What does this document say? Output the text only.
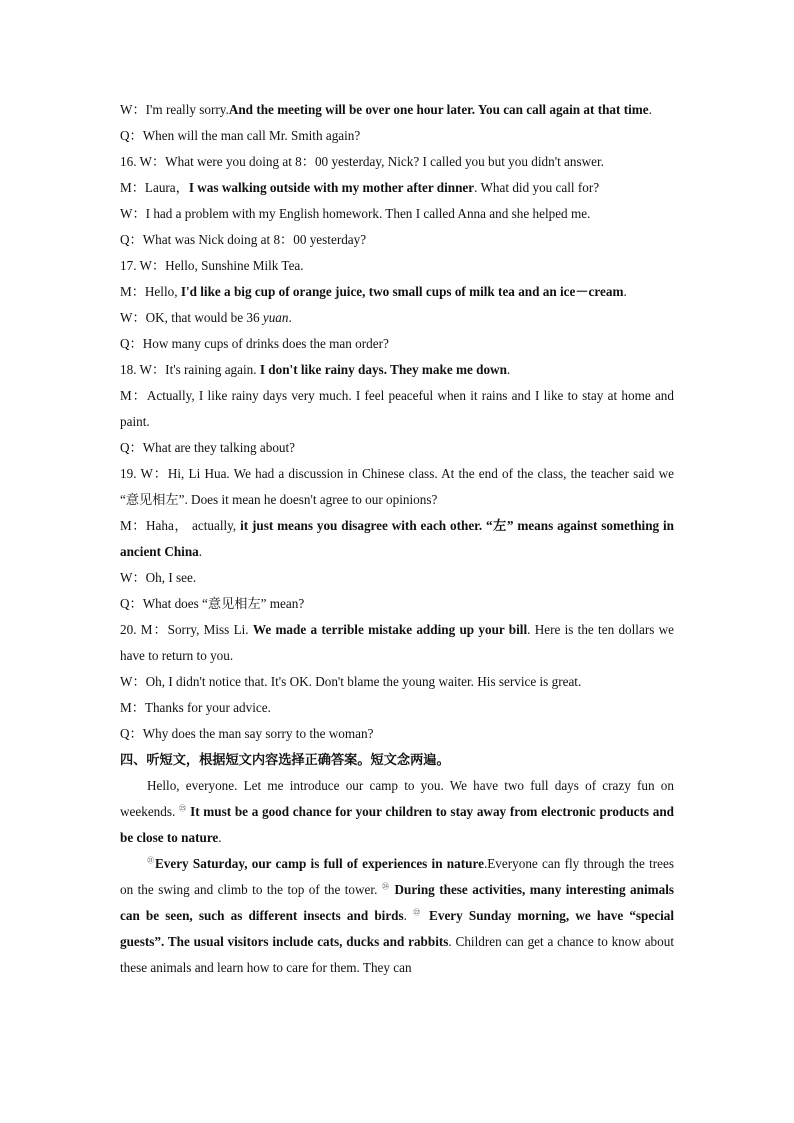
W：I'm really sorry.And the meeting will be over one hour later. You can call again at that time.

Q：When will the man call Mr. Smith again?

16. W：What were you doing at 8：00 yesterday, Nick? I called you but you didn't answer.

M：Laura，I was walking outside with my mother after dinner. What did you call for?

W：I had a problem with my English homework. Then I called Anna and she helped me.

Q：What was Nick doing at 8：00 yesterday?

17. W：Hello, Sunshine Milk Tea.

M：Hello, I'd like a big cup of orange juice, two small cups of milk tea and an ice－cream.

W：OK, that would be 36 yuan.

Q：How many cups of drinks does the man order?

18. W：It's raining again. I don't like rainy days. They make me down.

M：Actually, I like rainy days very much. I feel peaceful when it rains and I like to stay at home and paint.

Q：What are they talking about?

19. W：Hi, Li Hua. We had a discussion in Chinese class. At the end of the class, the teacher said we “意见相左”. Does it mean he doesn't agree to our opinions?

M：Haha， actually, it just means you disagree with each other. “左” means against something in ancient China.

W：Oh, I see.

Q：What does “意见相左” mean?

20. M：Sorry, Miss Li. We made a terrible mistake adding up your bill. Here is the ten dollars we have to return to you.

W：Oh, I didn't notice that. It's OK. Don't blame the young waiter. His service is great.

M：Thanks for your advice.

Q：Why does the man say sorry to the woman?

四、听短文，根据短文内容选择正确答案。短文念两遍。

Hello, everyone. Let me introduce our camp to you. We have two full days of crazy fun on weekends. $^㉕$ It must be a good chance for your children to stay away from electronic products and be close to nature.

$^㉑$Every Saturday, our camp is full of experiences in nature.Everyone can fly through the trees on the swing and climb to the top of the tower. $^㉔$ During these activities, many interesting animals can be seen, such as different insects and birds. $^㉒$ Every Sunday morning, we have “special guests”. The usual visitors include cats, ducks and rabbits. Children can get a chance to know about these animals and learn how to care for them. They can
